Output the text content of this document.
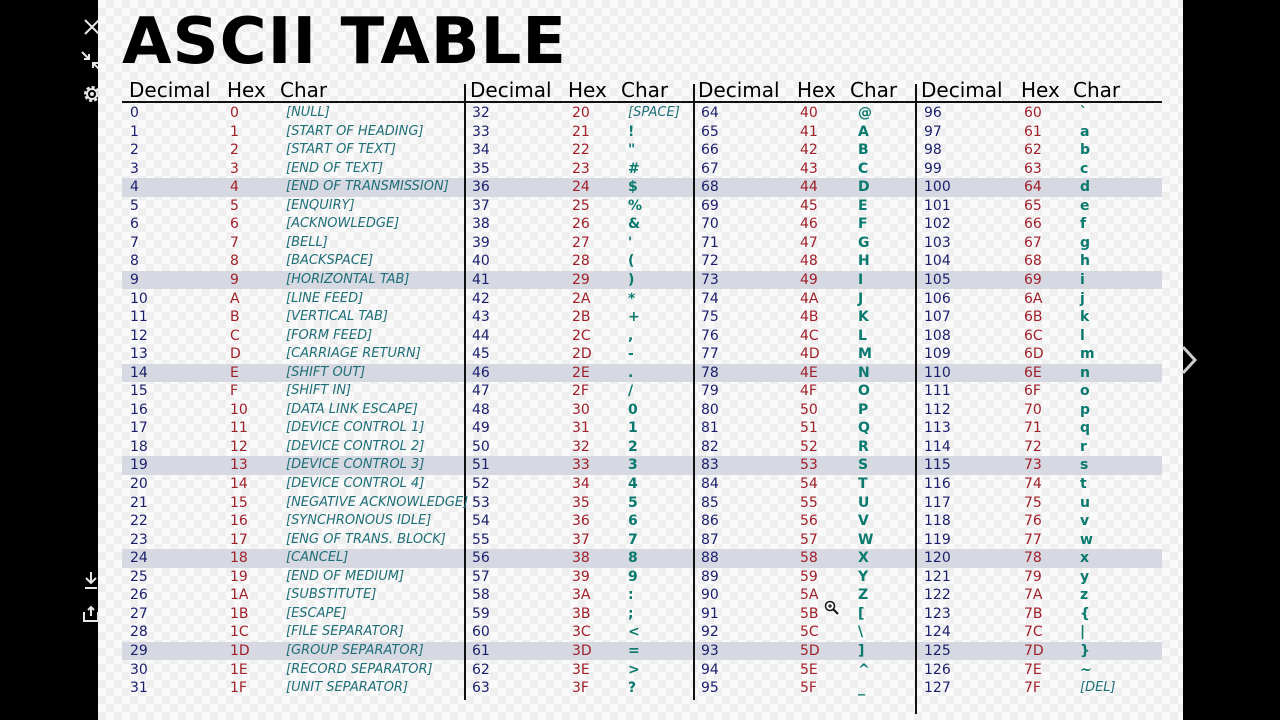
ASCII TABLE
Decimal Hex Char
0	0	[NULL]
1	1	[START OF HEADING]
2	2	[START OF TEXT]
3	3	[END OF TEXT]
4	4	[END OF TRANSMISSION]
5	5	[ENQUIRY]
6	6	[ACKNOWLEDGE]
7	7	[BELL]
8	8	[BACKSPACE]
9	9	[HORIZONTAL TAB]
10	A	[LINE FEED]
11	B	[VERTICAL TAB]
12	C	[FORM FEED]
13	D	[CARRIAGE RETURN]
14	E	[SHIFT OUT]
15	F	[SHIFT IN]
16	10	[DATA LINK ESCAPE]
17	11	[DEVICE CONTROL 1]
18	12	[DEVICE CONTROL 2]
19	13	[DEVICE CONTROL 3]
20	14	[DEVICE CONTROL 4]
21	15	[NEGATIVE ACKNOWLEDGE]
22	16	[SYNCHRONOUS IDLE]
23	17	[ENG OF TRANS. BLOCK]
24	18	[CANCEL]
25	19	[END OF MEDIUM]
26	1A	[SUBSTITUTE]
27	1B	[ESCAPE]
28	1C	[FILE SEPARATOR]
29	1D	[GROUP SEPARATOR]
30	1E	[RECORD SEPARATOR]
31	1F	[UNIT SEPARATOR]
Decimal Hex Char
32	20	[SPACE]
33	21	!
34	22	"
35	23	#
36	24	$
37	25	%
38	26	&
39	27	'
40	28	(
41	29	)
42	2A	*
43	2B	+
44	2C	,
45	2D	-
46	2E	.
47	2F	/
48	30	0
49	31	1
50	32	2
51	33	3
52	34	4
53	35	5
54	36	6
55	37	7
56	38	8
57	39	9
58	3A	:
59	3B	;
60	3C	<
61	3D	=
62	3E	>
63	3F	?
Decimal Hex Char
64	40	@
65	41	A
66	42	B
67	43	C
68	44	D
69	45	E
70	46	F
71	47	G
72	48	H
73	49	I
74	4A	J
75	4B	K
76	4C	L
77	4D	M
78	4E	N
79	4F	O
80	50	P
81	51	Q
82	52	R
83	53	S
84	54	T
85	55	U
86	56	V
87	57	W
88	58	X
89	59	Y
90	5A	Z
91	5B	[
92	5C	\
93	5D	]
94	5E	^
95	5F	_
Decimal Hex Char
96	60	`
97	61	a
98	62	b
99	63	c
100	64	d
101	65	e
102	66	f
103	67	g
104	68	h
105	69	i
106	6A	j
107	6B	k
108	6C	l
109	6D	m
110	6E	n
111	6F	o
112	70	p
113	71	q
114	72	r
115	73	s
116	74	t
117	75	u
118	76	v
119	77	w
120	78	x
121	79	y
122	7A	z
123	7B	{
124	7C	|
125	7D	}
126	7E	~
127	7F	[DEL]
